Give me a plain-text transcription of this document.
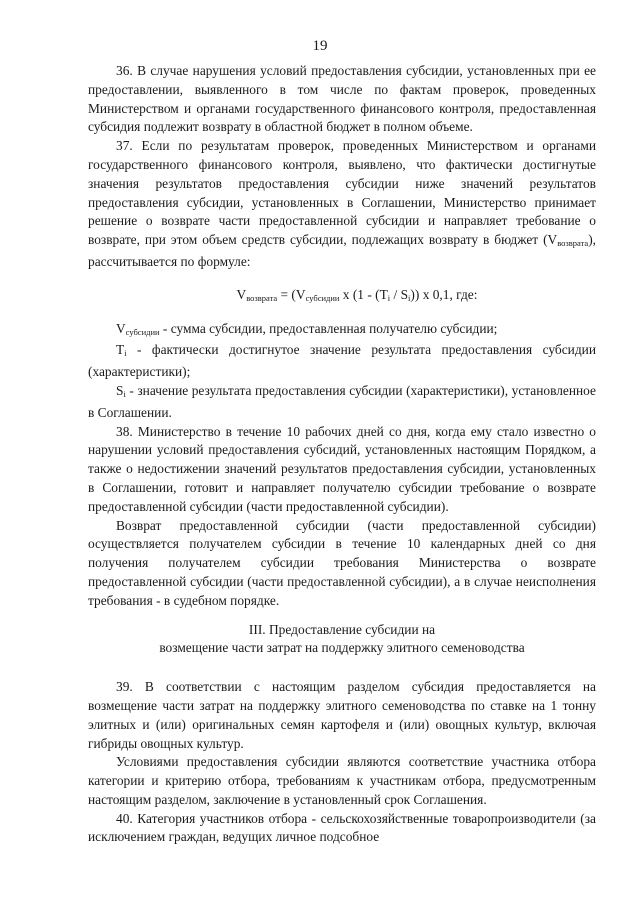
19

36. В случае нарушения условий предоставления субсидии, установленных при ее предоставлении, выявленного в том числе по фактам проверок, проведенных Министерством и органами государственного финансового контроля, предоставленная субсидия подлежит возврату в областной бюджет в полном объеме.

37. Если по результатам проверок, проведенных Министерством и органами государственного финансового контроля, выявлено, что фактически достигнутые значения результатов предоставления субсидии ниже значений результатов предоставления субсидии, установленных в Соглашении, Министерство принимает решение о возврате части предоставленной субсидии и направляет требование о возврате, при этом объем средств субсидии, подлежащих возврату в бюджет $(V_{возврата})$, рассчитывается по формуле:

$V_{возврата} = (V_{субсидии}$ x $(1 - (T_i / S_i))$ x 0,1, где:

$V_{субсидии}$ - сумма субсидии, предоставленная получателю субсидии;

$T_i$ - фактически достигнутое значение результата предоставления субсидии (характеристики);

$S_i$ - значение результата предоставления субсидии (характеристики), установленное в Соглашении.

38. Министерство в течение 10 рабочих дней со дня, когда ему стало известно о нарушении условий предоставления субсидий, установленных настоящим Порядком, а также о недостижении значений результатов предоставления субсидии, установленных в Соглашении, готовит и направляет получателю субсидии требование о возврате предоставленной субсидии (части предоставленной субсидии).

Возврат предоставленной субсидии (части предоставленной субсидии) осуществляется получателем субсидии в течение 10 календарных дней со дня получения получателем субсидии требования Министерства о возврате предоставленной субсидии (части предоставленной субсидии), а в случае неисполнения требования - в судебном порядке.

III. Предоставление субсидии на

возмещение части затрат на поддержку элитного семеноводства

39. В соответствии с настоящим разделом субсидия предоставляется на возмещение части затрат на поддержку элитного семеноводства по ставке на 1 тонну элитных и (или) оригинальных семян картофеля и (или) овощных культур, включая гибриды овощных культур.

Условиями предоставления субсидии являются соответствие участника отбора категории и критерию отбора, требованиям к участникам отбора, предусмотренным настоящим разделом, заключение в установленный срок Соглашения.

40. Категория участников отбора - сельскохозяйственные товаропроизводители (за исключением граждан, ведущих личное подсобное
